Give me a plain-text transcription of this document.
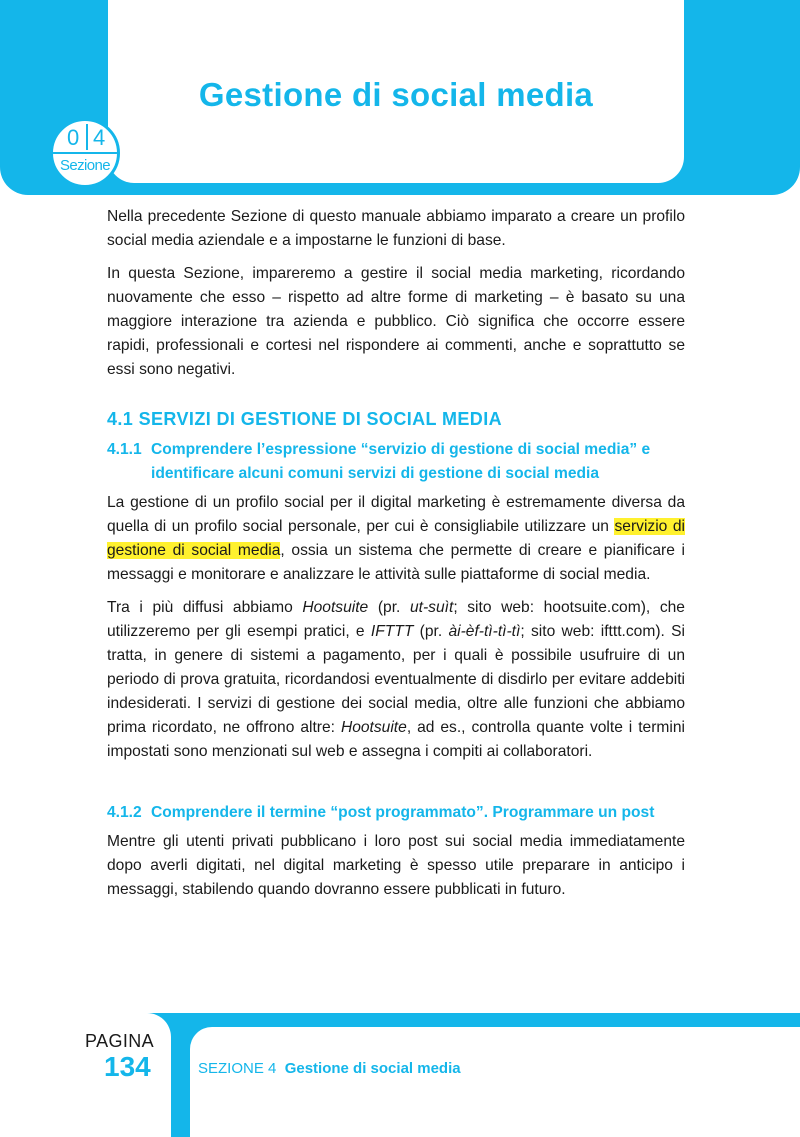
Gestione di social media
0 4
Sezione

Nella precedente Sezione di questo manuale abbiamo imparato a creare un profilo social media aziendale e a impostarne le funzioni di base.

In questa Sezione, impareremo a gestire il social media marketing, ricordando nuovamente che esso – rispetto ad altre forme di marketing – è basato su una maggiore interazione tra azienda e pubblico. Ciò significa che occorre essere rapidi, professionali e cortesi nel rispondere ai commenti, anche e soprattutto se essi sono negativi.

4.1 SERVIZI DI GESTIONE DI SOCIAL MEDIA
4.1.1 Comprendere l’espressione “servizio di gestione di social media” e identificare alcuni comuni servizi di gestione di social media

La gestione di un profilo social per il digital marketing è estremamente diversa da quella di un profilo social personale, per cui è consigliabile utilizzare un servizio di gestione di social media, ossia un sistema che permette di creare e pianificare i messaggi e monitorare e analizzare le attività sulle piattaforme di social media.

Tra i più diffusi abbiamo Hootsuite (pr. ut-suìt; sito web: hootsuite.com), che utilizzeremo per gli esempi pratici, e IFTTT (pr. ài-èf-tì-tì-tì; sito web: ifttt.com). Si tratta, in genere di sistemi a pagamento, per i quali è possibile usufruire di un periodo di prova gratuita, ricordandosi eventualmente di disdirlo per evitare addebiti indesiderati. I servizi di gestione dei social media, oltre alle funzioni che abbiamo prima ricordato, ne offrono altre: Hootsuite, ad es., controlla quante volte i termini impostati sono menzionati sul web e assegna i compiti ai collaboratori.

4.1.2 Comprendere il termine “post programmato”. Programmare un post

Mentre gli utenti privati pubblicano i loro post sui social media immediatamente dopo averli digitati, nel digital marketing è spesso utile preparare in anticipo i messaggi, stabilendo quando dovranno essere pubblicati in futuro.

PAGINA
134	SEZIONE 4 Gestione di social media
